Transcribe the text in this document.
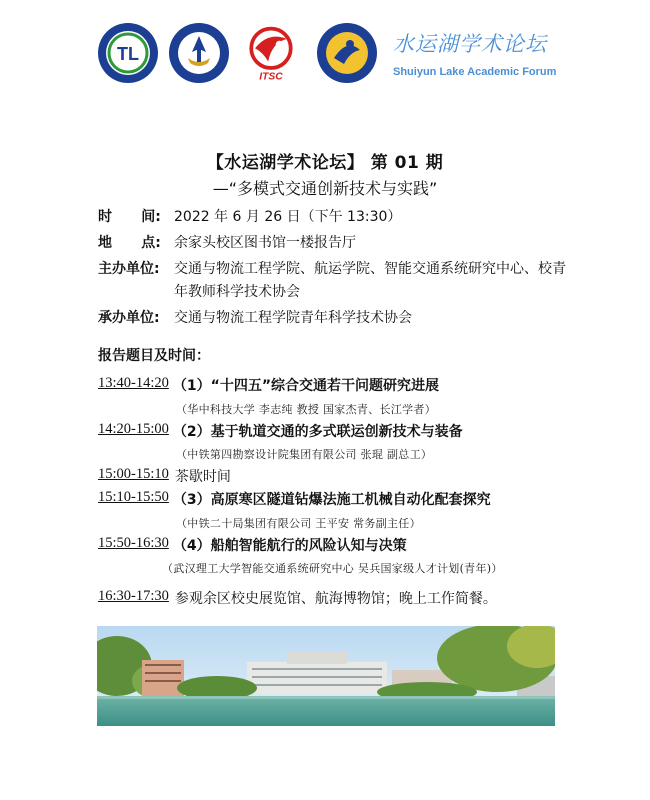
TL
ITSC
水运湖学术论坛
Shuiyun Lake Academic Forum
【水运湖学术论坛】 第 01 期
—“多模式交通创新技术与实践”
时      间: 2022 年 6 月 26 日（下午 13:30）
地      点: 余家头校区图书馆一楼报告厅
主办单位:	交通与物流工程学院、航运学院、智能交通系统研究中心、校青年教师科学技术协会
承办单位:	交通与物流工程学院青年科学技术协会
报告题目及时间：
13:40-14:20 （1）“十四五”综合交通若干问题研究进展
（华中科技大学 李志纯 教授 国家杰青、长江学者）
14:20-15:00 （2）基于轨道交通的多式联运创新技术与装备
（中铁第四勘察设计院集团有限公司 张琨 副总工）
15:00-15:10 茶歇时间
15:10-15:50 （3）高原寒区隧道钻爆法施工机械自动化配套探究
（中铁二十局集团有限公司 王平安 常务副主任）
15:50-16:30 （4）船舶智能航行的风险认知与决策
（武汉理工大学智能交通系统研究中心 吴兵国家级人才计划(青年)）
16:30-17:30 参观余区校史展览馆、航海博物馆；晚上工作简餐。
